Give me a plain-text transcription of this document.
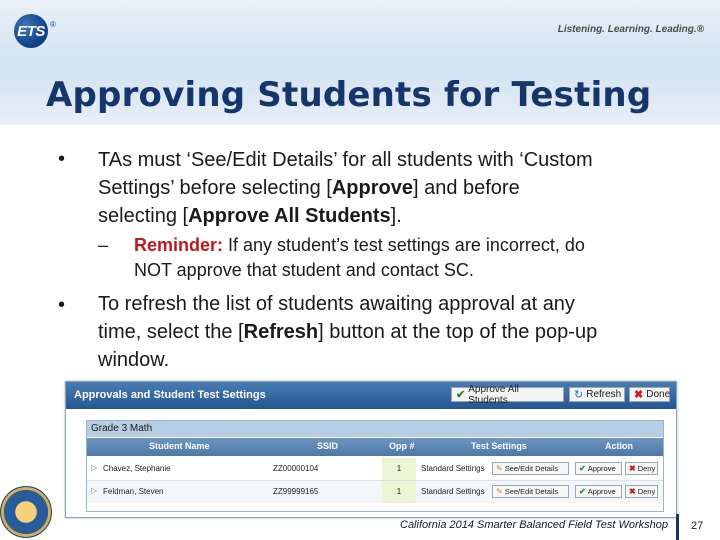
ETS ®	Listening. Learning. Leading.®
Approving Students for Testing
• TAs must ‘See/Edit Details’ for all students with ‘Custom
Settings’ before selecting [Approve] and before
selecting [Approve All Students].
– Reminder: If any student’s test settings are incorrect, do
NOT approve that student and contact SC.
• To refresh the list of students awaiting approval at any
time, select the [Refresh] button at the top of the pop-up
window.
Approvals and Student Test Settings	✔ Approve All Students	↻ Refresh ✖ Done
Grade 3 Math
Student Name	SSID	Opp #	Test Settings	Action
▷ Chavez, Stephanie	ZZ00000104	1	Standard Settings ✎ See/Edit Details	✔ Approve ✖ Deny
▷ Feldman, Steven	ZZ99999165	1	Standard Settings ✎ See/Edit Details	✔ Approve ✖ Deny
California 2014 Smarter Balanced Field Test Workshop 27
